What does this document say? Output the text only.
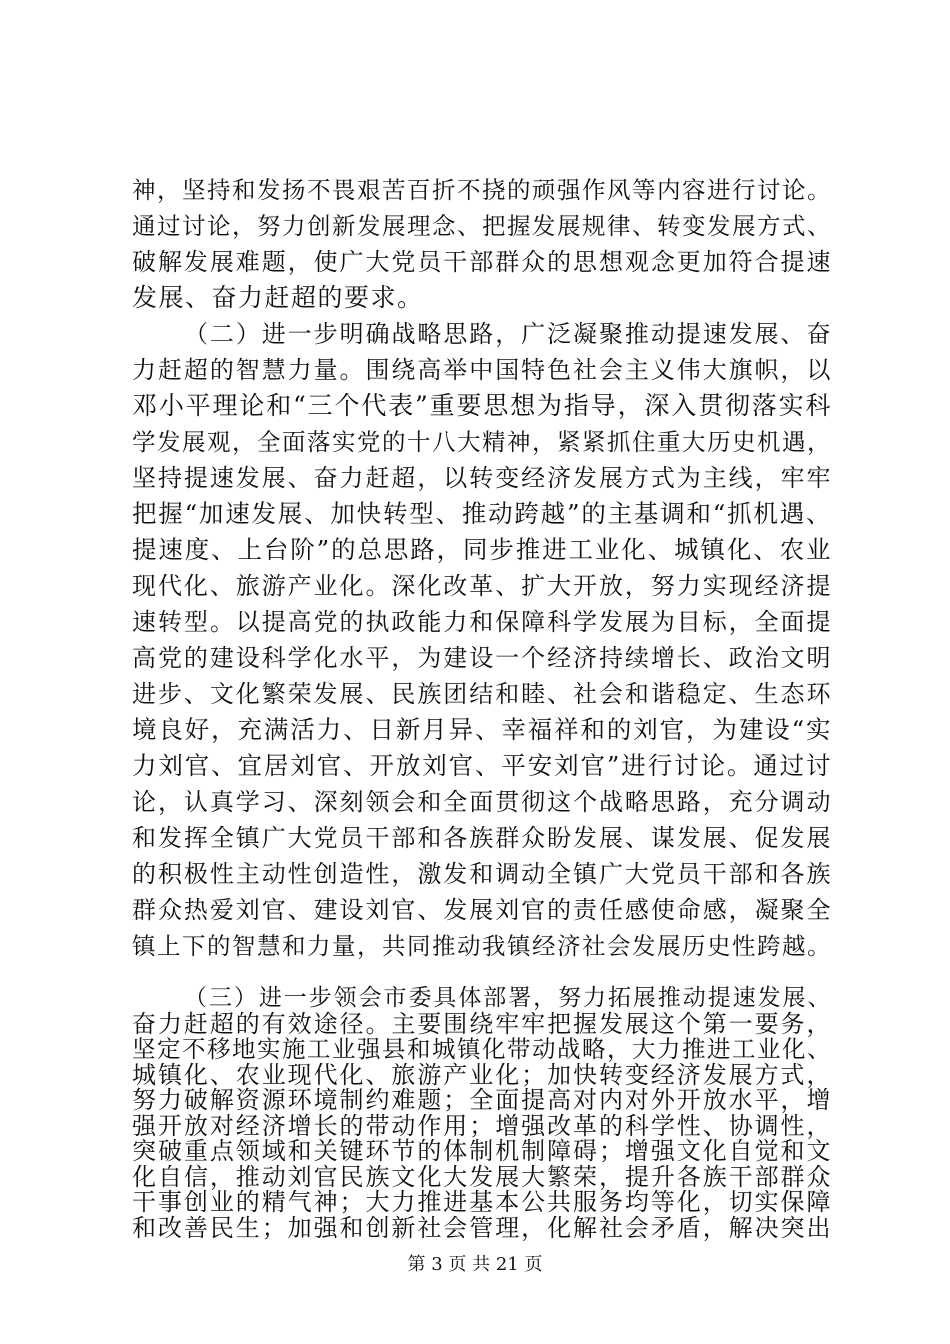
神，坚持和发扬不畏艰苦百折不挠的顽强作风等内容进行讨论。
通过讨论，努力创新发展理念、把握发展规律、转变发展方式、
破解发展难题，使广大党员干部群众的思想观念更加符合提速
发展、奋力赶超的要求。
（二）进一步明确战略思路，广泛凝聚推动提速发展、奋
力赶超的智慧力量。围绕高举中国特色社会主义伟大旗帜，以
邓小平理论和“三个代表”重要思想为指导，深入贯彻落实科
学发展观，全面落实党的十八大精神，紧紧抓住重大历史机遇，
坚持提速发展、奋力赶超，以转变经济发展方式为主线，牢牢
把握“加速发展、加快转型、推动跨越”的主基调和“抓机遇、
提速度、上台阶”的总思路，同步推进工业化、城镇化、农业
现代化、旅游产业化。深化改革、扩大开放，努力实现经济提
速转型。以提高党的执政能力和保障科学发展为目标，全面提
高党的建设科学化水平，为建设一个经济持续增长、政治文明
进步、文化繁荣发展、民族团结和睦、社会和谐稳定、生态环
境良好，充满活力、日新月异、幸福祥和的刘官，为建设“实
力刘官、宜居刘官、开放刘官、平安刘官”进行讨论。通过讨
论，认真学习、深刻领会和全面贯彻这个战略思路，充分调动
和发挥全镇广大党员干部和各族群众盼发展、谋发展、促发展
的积极性主动性创造性，激发和调动全镇广大党员干部和各族
群众热爱刘官、建设刘官、发展刘官的责任感使命感，凝聚全
镇上下的智慧和力量，共同推动我镇经济社会发展历史性跨越。
（三）进一步领会市委具体部署，努力拓展推动提速发展、
奋力赶超的有效途径。主要围绕牢牢把握发展这个第一要务，
坚定不移地实施工业强县和城镇化带动战略，大力推进工业化、
城镇化、农业现代化、旅游产业化；加快转变经济发展方式，
努力破解资源环境制约难题；全面提高对内对外开放水平，增
强开放对经济增长的带动作用；增强改革的科学性、协调性，
突破重点领域和关键环节的体制机制障碍；增强文化自觉和文
化自信，推动刘官民族文化大发展大繁荣，提升各族干部群众
干事创业的精气神；大力推进基本公共服务均等化，切实保障
和改善民生；加强和创新社会管理，化解社会矛盾，解决突出
第 3 页 共 21 页
